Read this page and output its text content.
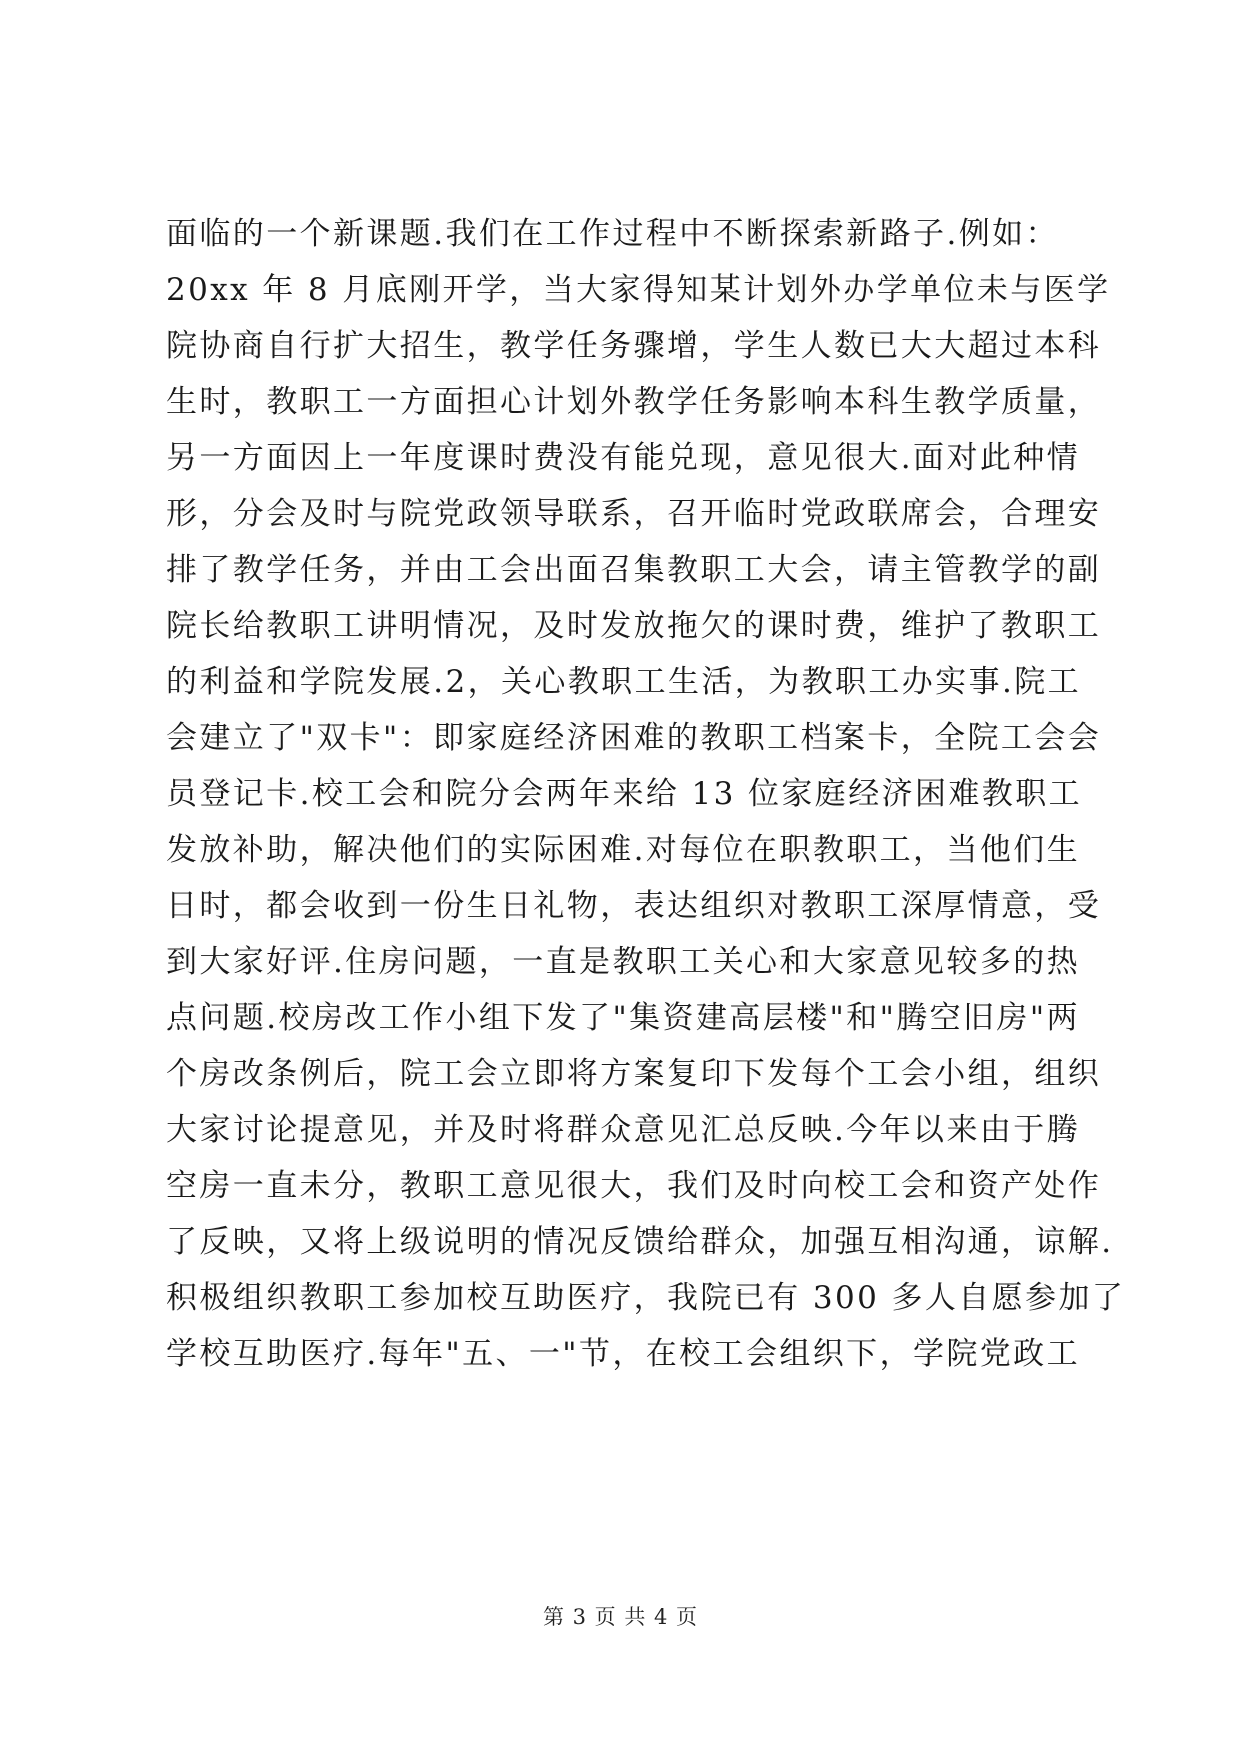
面临的一个新课题.我们在工作过程中不断探索新路子.例如：
20xx 年 8 月底刚开学，当大家得知某计划外办学单位未与医学
院协商自行扩大招生，教学任务骤增，学生人数已大大超过本科
生时，教职工一方面担心计划外教学任务影响本科生教学质量，
另一方面因上一年度课时费没有能兑现，意见很大.面对此种情
形，分会及时与院党政领导联系，召开临时党政联席会，合理安
排了教学任务，并由工会出面召集教职工大会，请主管教学的副
院长给教职工讲明情况，及时发放拖欠的课时费，维护了教职工
的利益和学院发展.2，关心教职工生活，为教职工办实事.院工
会建立了"双卡"：即家庭经济困难的教职工档案卡，全院工会会
员登记卡.校工会和院分会两年来给 13 位家庭经济困难教职工
发放补助，解决他们的实际困难.对每位在职教职工，当他们生
日时，都会收到一份生日礼物，表达组织对教职工深厚情意，受
到大家好评.住房问题，一直是教职工关心和大家意见较多的热
点问题.校房改工作小组下发了"集资建高层楼"和"腾空旧房"两
个房改条例后，院工会立即将方案复印下发每个工会小组，组织
大家讨论提意见，并及时将群众意见汇总反映.今年以来由于腾
空房一直未分，教职工意见很大，我们及时向校工会和资产处作
了反映，又将上级说明的情况反馈给群众，加强互相沟通，谅解.
积极组织教职工参加校互助医疗，我院已有 300 多人自愿参加了
学校互助医疗.每年"五、一"节，在校工会组织下，学院党政工
第 3 页 共 4 页
